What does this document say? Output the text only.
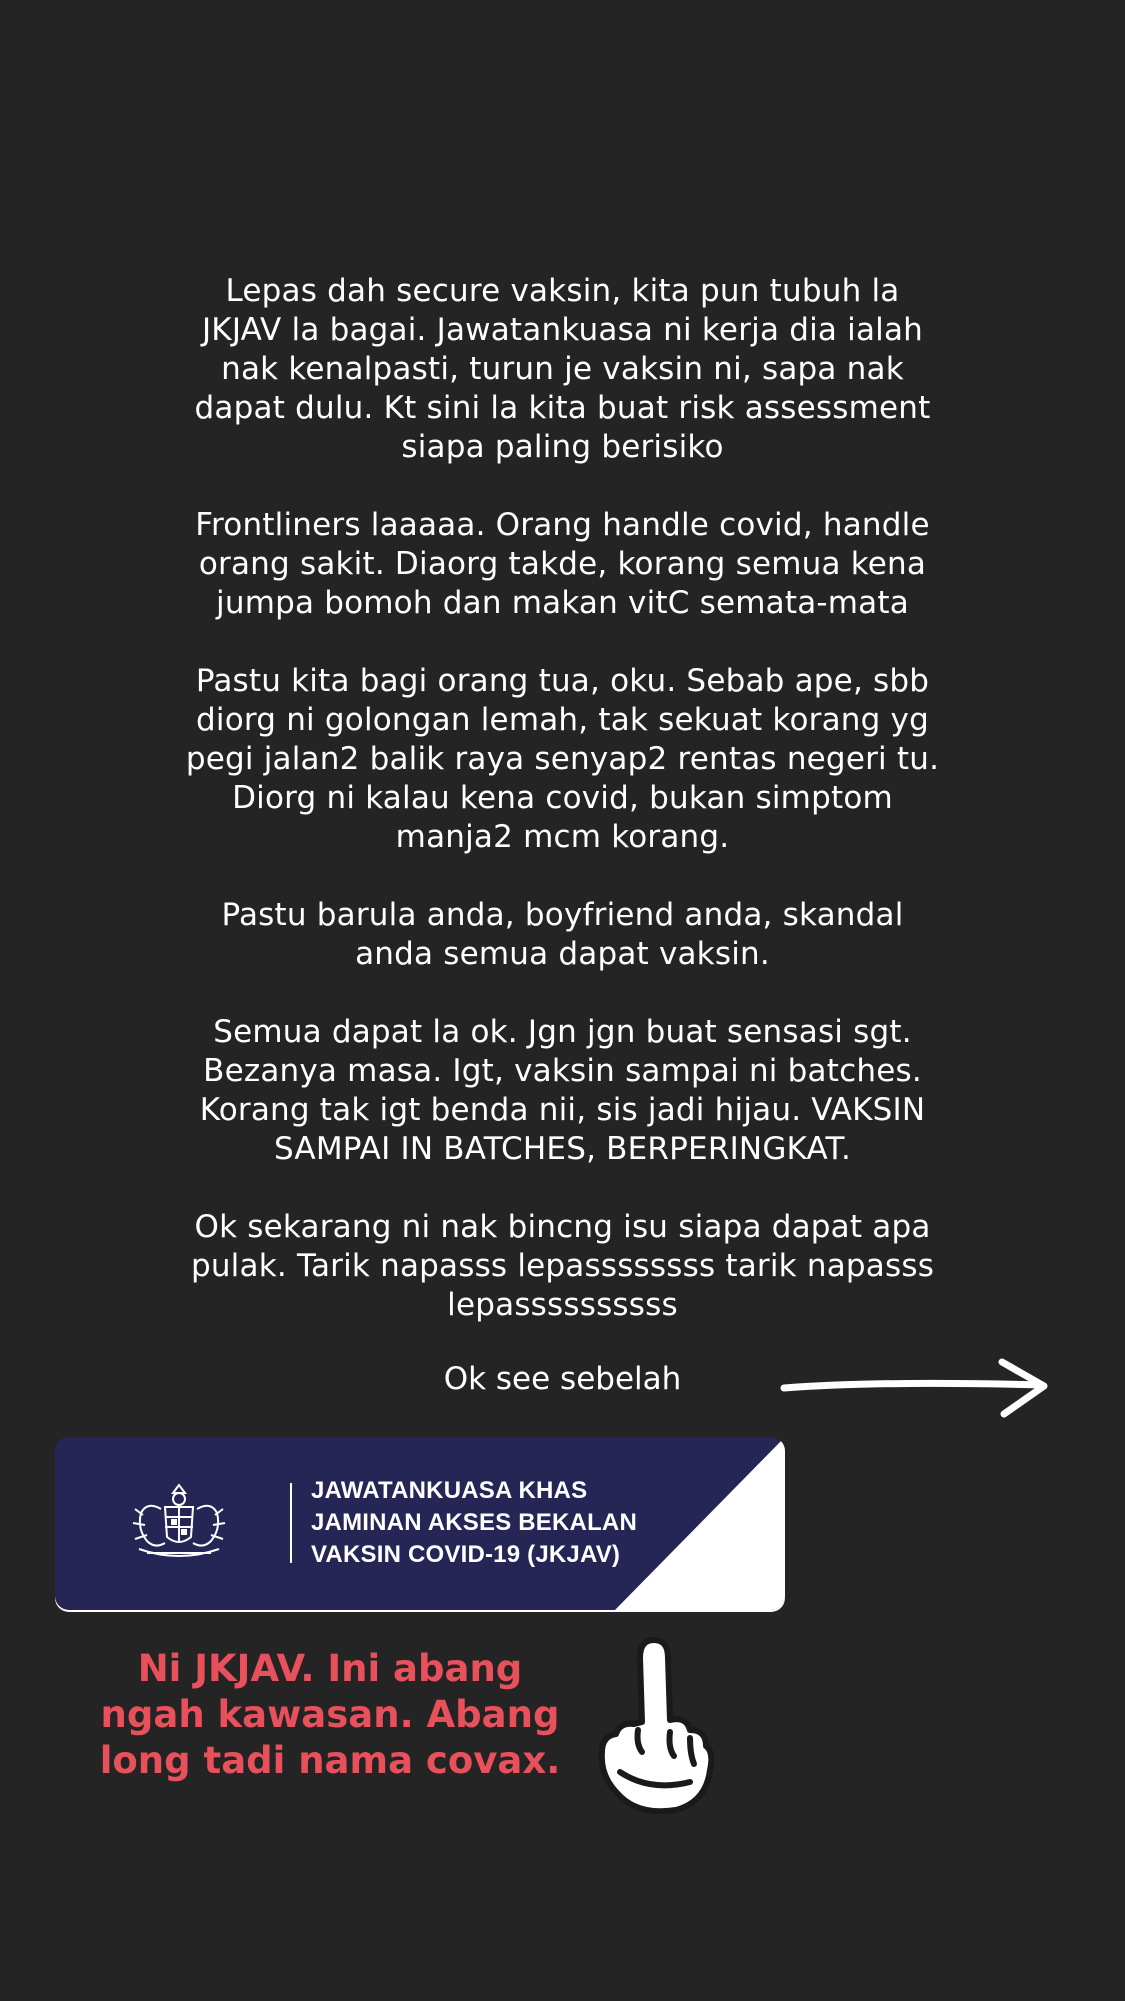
Lepas dah secure vaksin, kita pun tubuh la
JKJAV la bagai. Jawatankuasa ni kerja dia ialah
nak kenalpasti, turun je vaksin ni, sapa nak
dapat dulu. Kt sini la kita buat risk assessment
siapa paling berisiko

Frontliners laaaaa. Orang handle covid, handle
orang sakit. Diaorg takde, korang semua kena
jumpa bomoh dan makan vitC semata-mata

Pastu kita bagi orang tua, oku. Sebab ape, sbb
diorg ni golongan lemah, tak sekuat korang yg
pegi jalan2 balik raya senyap2 rentas negeri tu.
Diorg ni kalau kena covid, bukan simptom
manja2 mcm korang.

Pastu barula anda, boyfriend anda, skandal
anda semua dapat vaksin.

Semua dapat la ok. Jgn jgn buat sensasi sgt.
Bezanya masa. Igt, vaksin sampai ni batches.
Korang tak igt benda nii, sis jadi hijau. VAKSIN
SAMPAI IN BATCHES, BERPERINGKAT.

Ok sekarang ni nak bincng isu siapa dapat apa
pulak. Tarik napasss lepassssssss tarik napasss
lepassssssssss

Ok see sebelah
JAWATANKUASA KHAS
JAMINAN AKSES BEKALAN
VAKSIN COVID-19 (JKJAV)
Ni JKJAV. Ini abang
ngah kawasan. Abang
long tadi nama covax.
